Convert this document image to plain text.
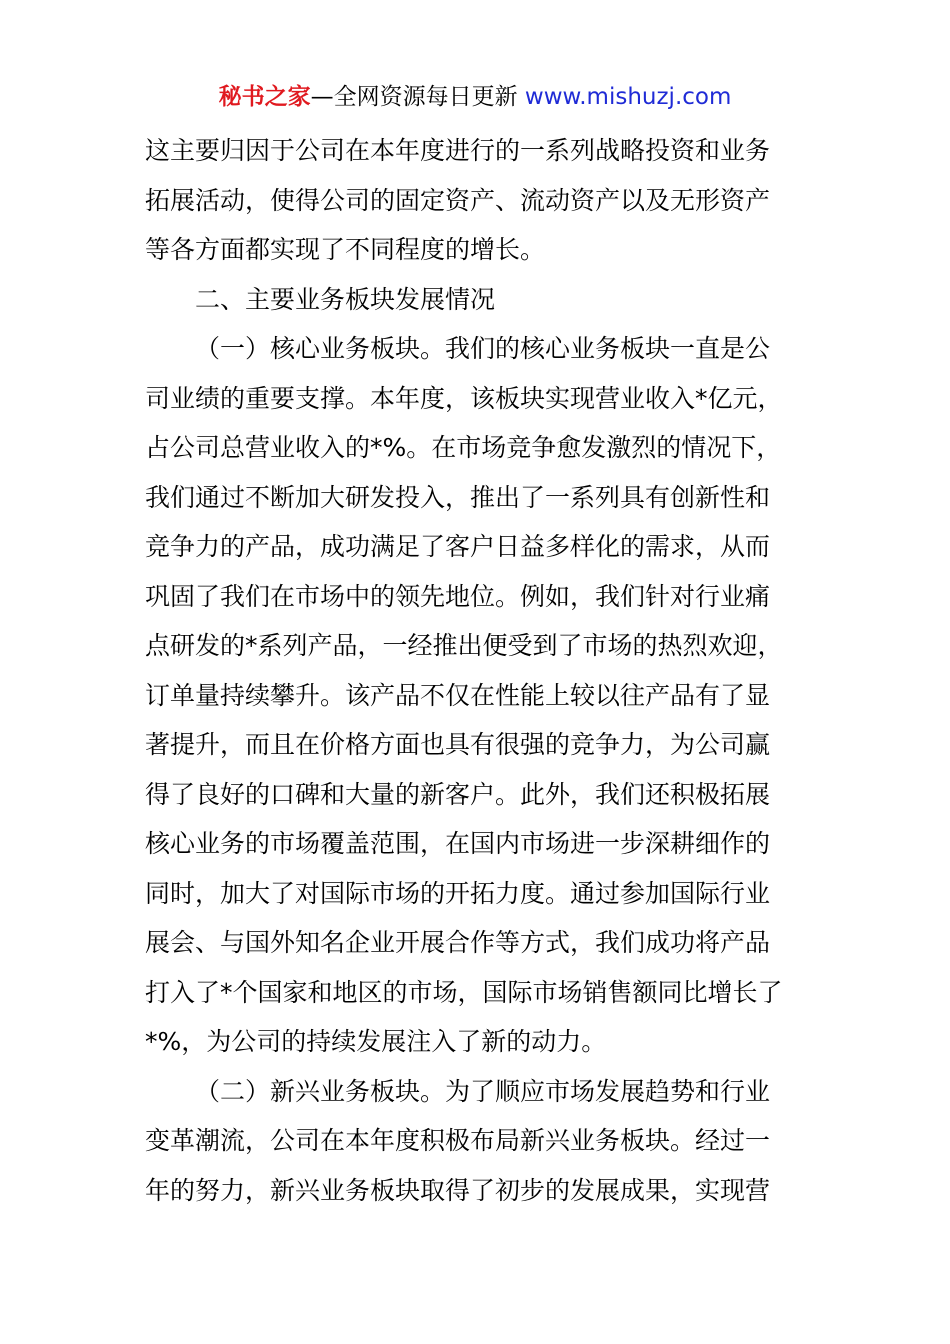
秘书之家—全网资源每日更新 www.mishuzj.com
这主要归因于公司在本年度进行的一系列战略投资和业务
拓展活动，使得公司的固定资产、流动资产以及无形资产
等各方面都实现了不同程度的增长。
二、主要业务板块发展情况
（一）核心业务板块。我们的核心业务板块一直是公
司业绩的重要支撑。本年度，该板块实现营业收入*亿元，
占公司总营业收入的*%。在市场竞争愈发激烈的情况下，
我们通过不断加大研发投入，推出了一系列具有创新性和
竞争力的产品，成功满足了客户日益多样化的需求，从而
巩固了我们在市场中的领先地位。例如，我们针对行业痛
点研发的*系列产品，一经推出便受到了市场的热烈欢迎，
订单量持续攀升。该产品不仅在性能上较以往产品有了显
著提升，而且在价格方面也具有很强的竞争力，为公司赢
得了良好的口碑和大量的新客户。此外，我们还积极拓展
核心业务的市场覆盖范围，在国内市场进一步深耕细作的
同时，加大了对国际市场的开拓力度。通过参加国际行业
展会、与国外知名企业开展合作等方式，我们成功将产品
打入了*个国家和地区的市场，国际市场销售额同比增长了
*%，为公司的持续发展注入了新的动力。
（二）新兴业务板块。为了顺应市场发展趋势和行业
变革潮流，公司在本年度积极布局新兴业务板块。经过一
年的努力，新兴业务板块取得了初步的发展成果，实现营
